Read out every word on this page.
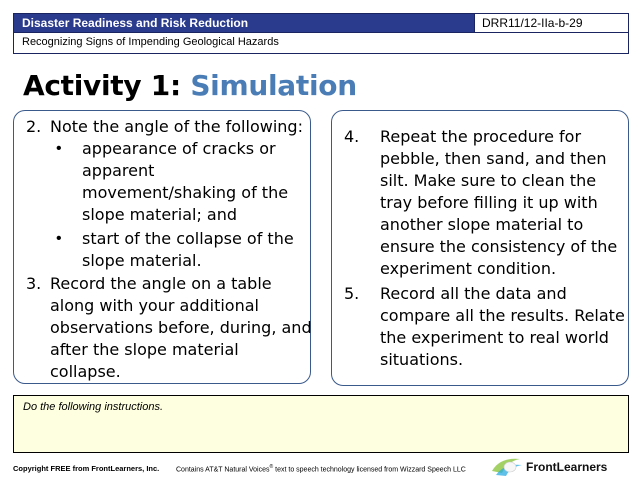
Disaster Readiness and Risk Reduction	DRR11/12-IIa-b-29
Recognizing Signs of Impending Geological Hazards
Activity 1: Simulation
2. Note the angle of the following:
• appearance of cracks or
apparent
movement/shaking of the
slope material; and
• start of the collapse of the
slope material.
3. Record the angle on a table
along with your additional
observations before, during, and
after the slope material
collapse.
4. Repeat the procedure for
pebble, then sand, and then
silt. Make sure to clean the
tray before filling it up with
another slope material to
ensure the consistency of the
experiment condition.
5. Record all the data and
compare all the results. Relate
the experiment to real world
situations.
Do the following instructions.
Copyright FREE from FrontLearners, Inc. Contains AT&T Natural Voices® text to speech technology licensed from Wizzard Speech LLC	FrontLearners
